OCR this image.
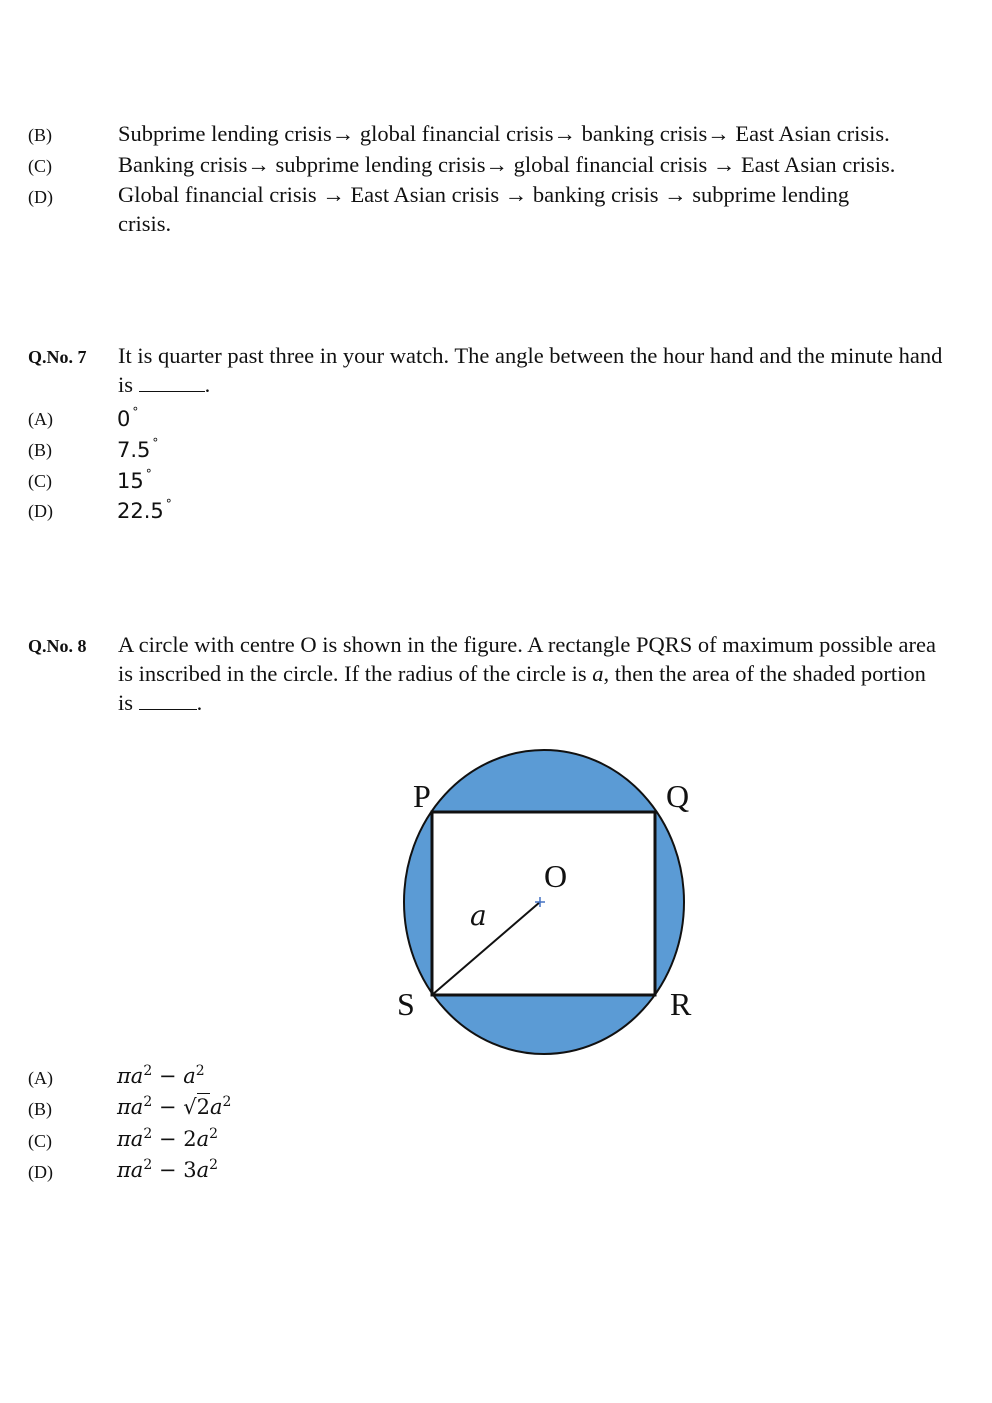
(B)	Subprime lending crisis→ global financial crisis→ banking crisis→ East Asian crisis.
(C)	Banking crisis→ subprime lending crisis→ global financial crisis → East Asian crisis.
(D)	Global financial crisis → East Asian crisis → banking crisis → subprime lending
crisis.
Q.No. 7 It is quarter past three in your watch. The angle between the hour hand and the minute hand
is	.
(A)	0 °
(B)	7.5 °
(C)	15 °
(D)	22.5 °
Q.No. 8 A circle with centre O is shown in the figure. A rectangle PQRS of maximum possible area
is inscribed in the circle. If the radius of the circle is a, then the area of the shaded portion
is	.
P	Q
R
S
O
a
(A)	$\pi a^2 - a^2$
(B)	$\pi a^2 - √2a^2$
(C)	$\pi a^2 - 2a^2$
(D)	$\pi a^2 - 3a^2$
